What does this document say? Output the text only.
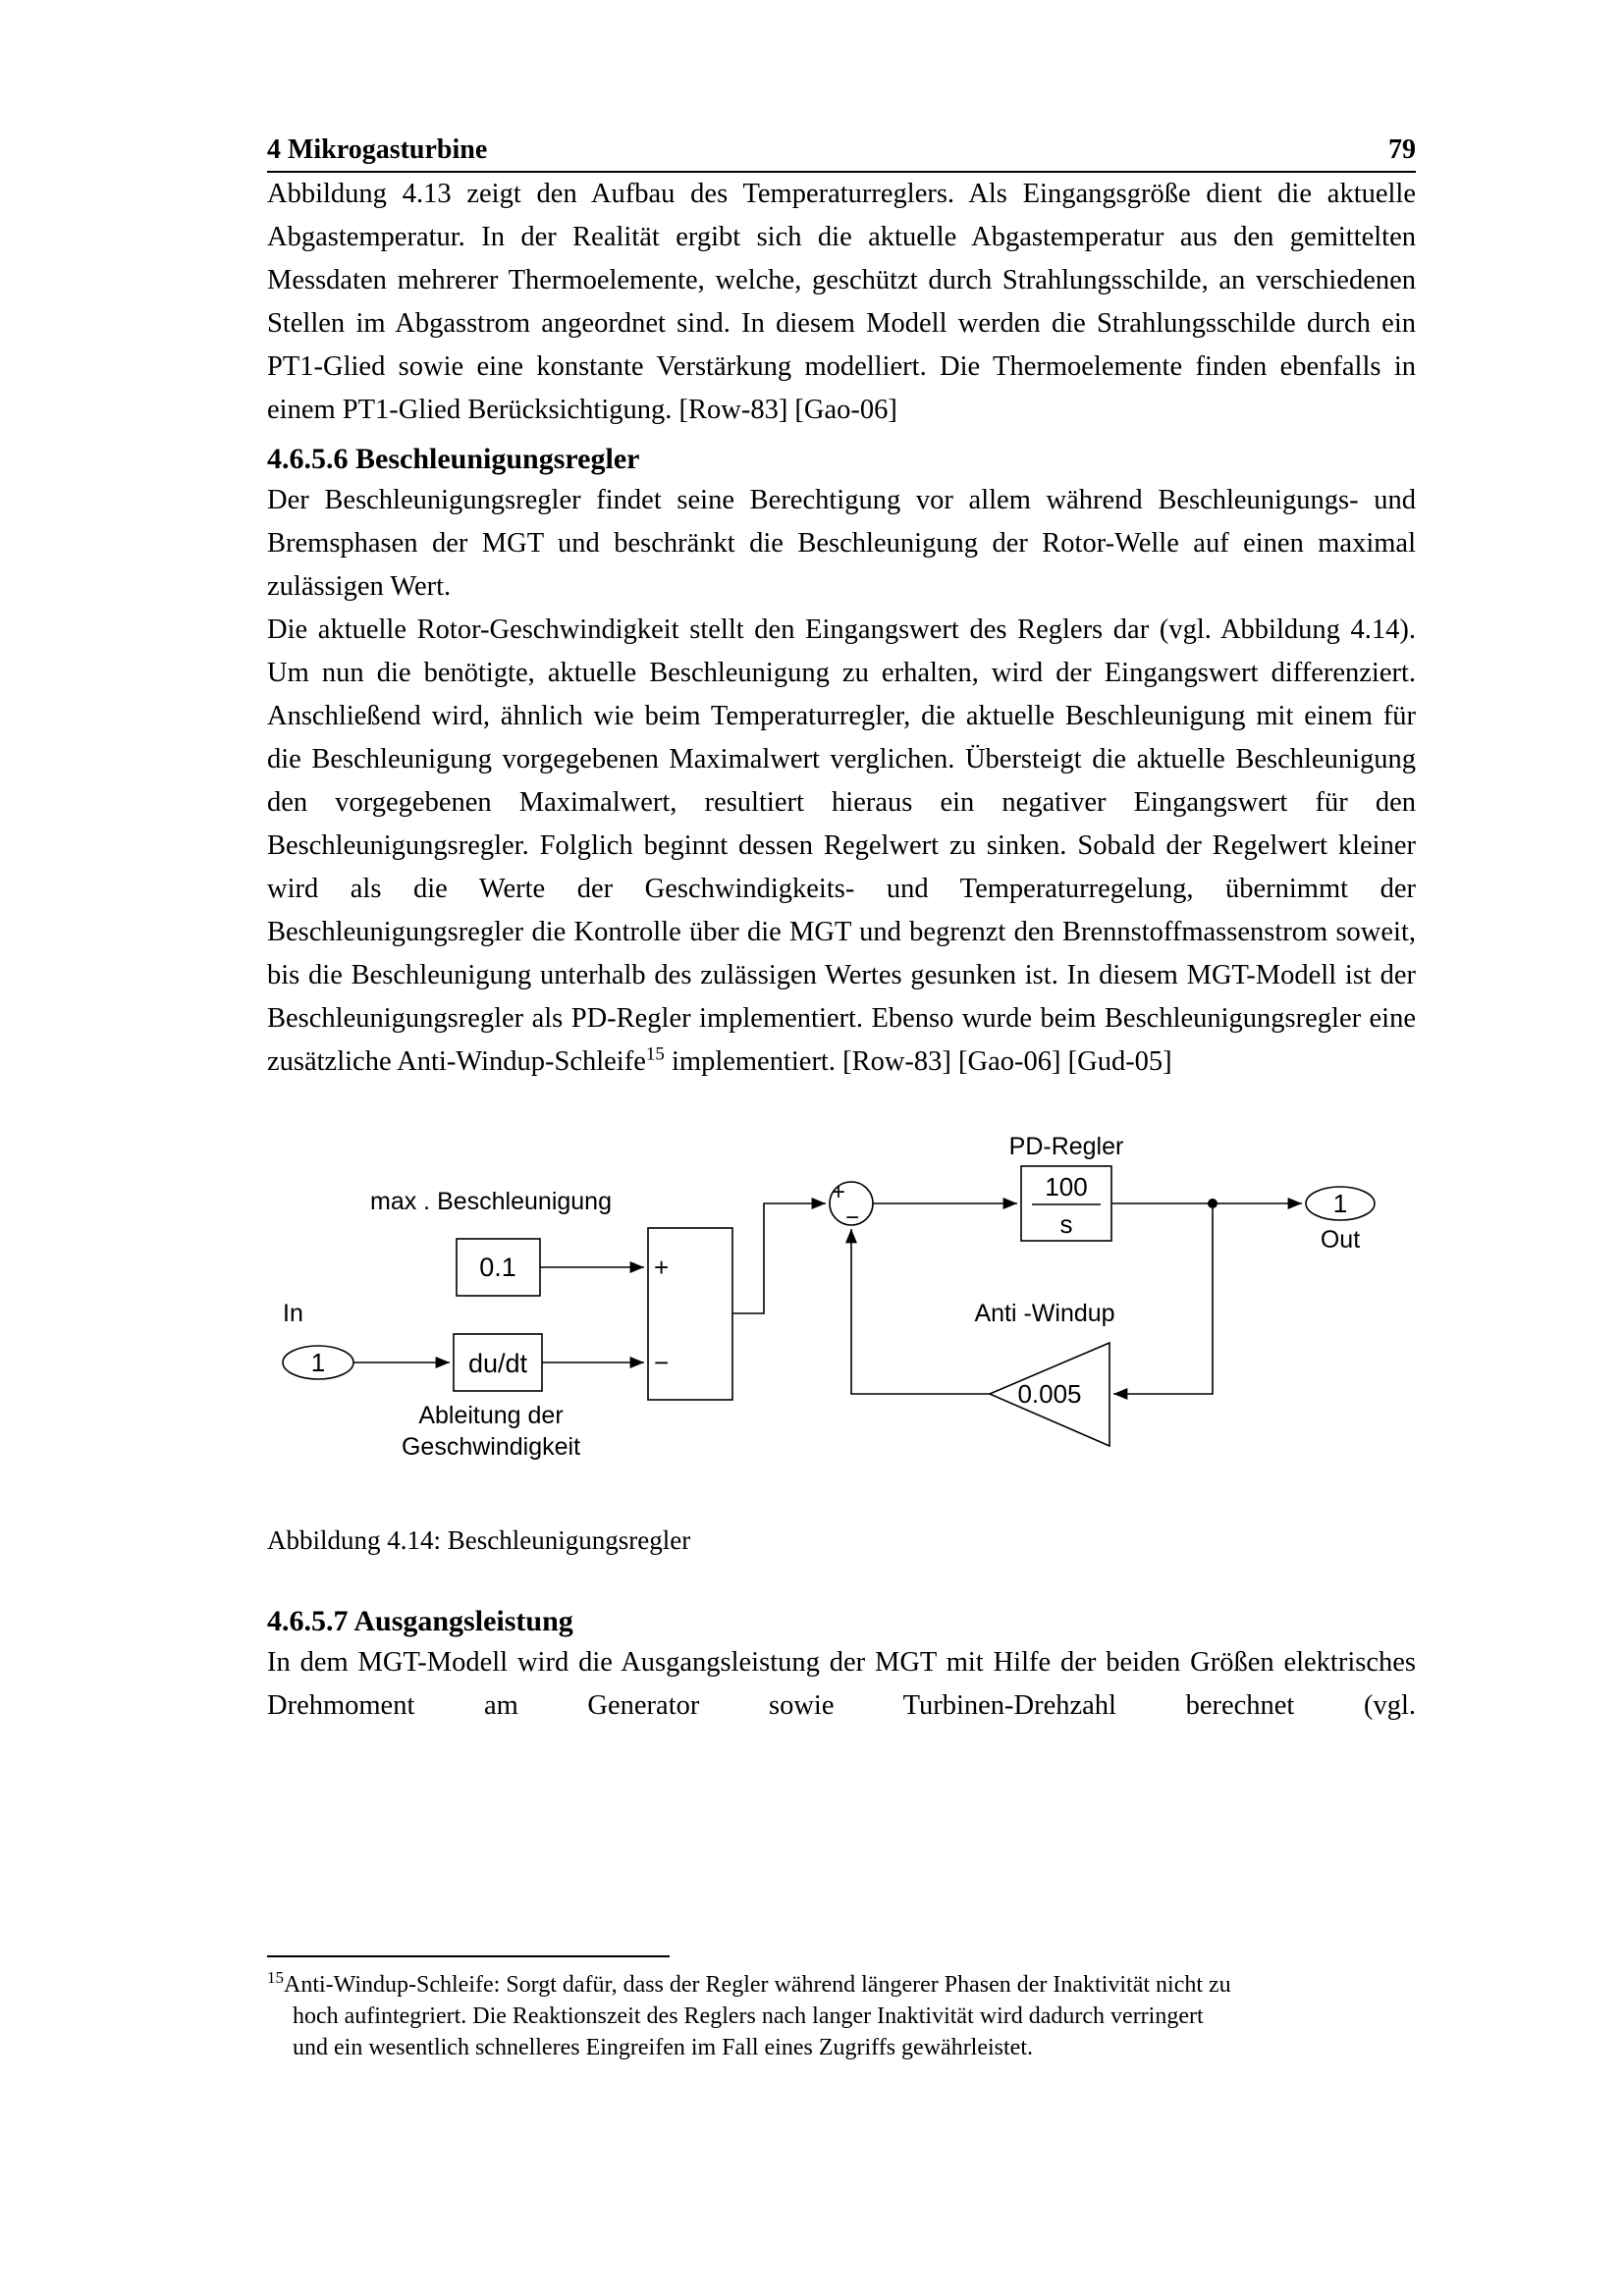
4 Mikrogasturbine	79

Abbildung 4.13 zeigt den Aufbau des Temperaturreglers. Als Eingangsgröße dient die aktuelle Abgastemperatur. In der Realität ergibt sich die aktuelle Abgastemperatur aus den gemittelten Messdaten mehrerer Thermoelemente, welche, geschützt durch Strahlungsschilde, an verschiedenen Stellen im Abgasstrom angeordnet sind. In diesem Modell werden die Strahlungsschilde durch ein PT1-Glied sowie eine konstante Verstärkung modelliert. Die Thermoelemente finden ebenfalls in einem PT1-Glied Berücksichtigung. [Row-83] [Gao-06]

4.6.5.6 Beschleunigungsregler

Der Beschleunigungsregler findet seine Berechtigung vor allem während Beschleunigungs- und Bremsphasen der MGT und beschränkt die Beschleunigung der Rotor-Welle auf einen maximal zulässigen Wert.

Die aktuelle Rotor-Geschwindigkeit stellt den Eingangswert des Reglers dar (vgl. Abbildung 4.14). Um nun die benötigte, aktuelle Beschleunigung zu erhalten, wird der Eingangswert differenziert. Anschließend wird, ähnlich wie beim Temperaturregler, die aktuelle Beschleunigung mit einem für die Beschleunigung vorgegebenen Maximalwert verglichen. Übersteigt die aktuelle Beschleunigung den vorgegebenen Maximalwert, resultiert hieraus ein negativer Eingangswert für den Beschleunigungsregler. Folglich beginnt dessen Regelwert zu sinken. Sobald der Regelwert kleiner wird als die Werte der Geschwindigkeits- und Temperaturregelung, übernimmt der Beschleunigungsregler die Kontrolle über die MGT und begrenzt den Brennstoffmassenstrom soweit, bis die Beschleunigung unterhalb des zulässigen Wertes gesunken ist. In diesem MGT-Modell ist der Beschleunigungsregler als PD-Regler implementiert. Ebenso wurde beim Beschleunigungsregler eine zusätzliche Anti-Windup-Schleife$^{15}$ implementiert. [Row-83] [Gao-06] [Gud-05]

In
1	du/dt
Ableitung der
Geschwindigkeit
max . Beschleunigung
0.1	+
−
+
−
PD-Regler
100
s
Anti -Windup
0.005
1
Out

Abbildung 4.14: Beschleunigungsregler

4.6.5.7 Ausgangsleistung

In dem MGT-Modell wird die Ausgangsleistung der MGT mit Hilfe der beiden Größen elektrisches Drehmoment am Generator sowie Turbinen-Drehzahl berechnet (vgl.

$^{15}$Anti-Windup-Schleife: Sorgt dafür, dass der Regler während längerer Phasen der Inaktivität nicht zu hoch aufintegriert. Die Reaktionszeit des Reglers nach langer Inaktivität wird dadurch verringert und ein wesentlich schnelleres Eingreifen im Fall eines Zugriffs gewährleistet.
